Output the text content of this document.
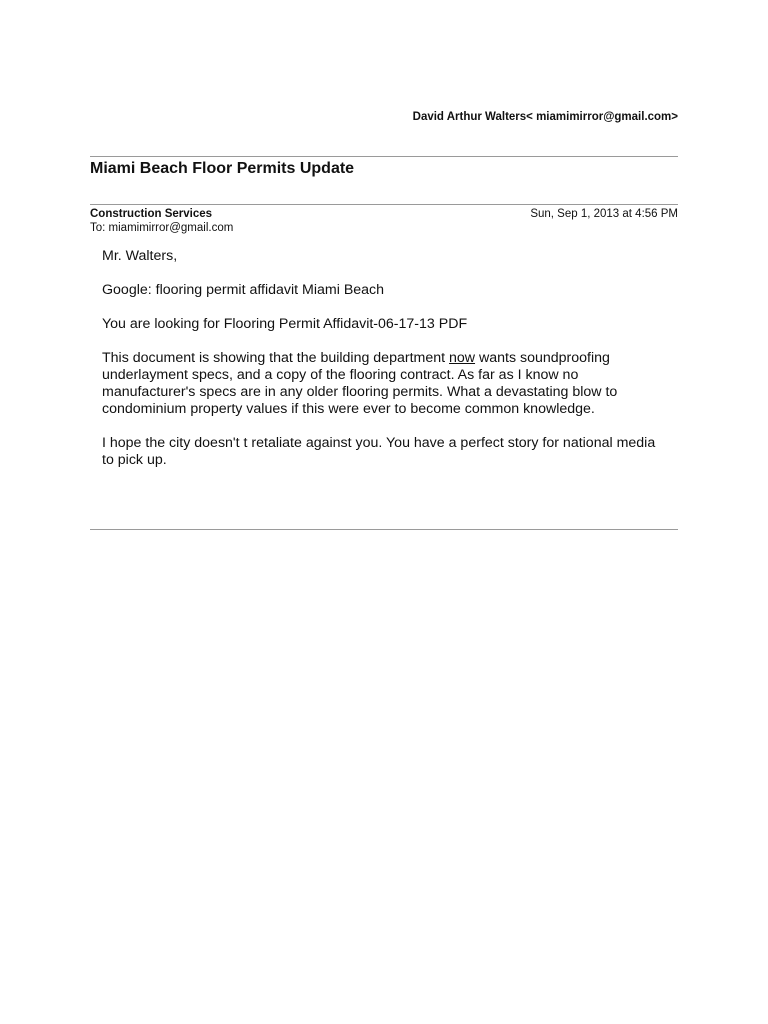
David Arthur Walters< miamimirror@gmail.com>
Miami Beach Floor Permits Update
Construction Services	Sun, Sep 1, 2013 at 4:56 PM
To: miamimirror@gmail.com

Mr. Walters,

Google: flooring permit affidavit Miami Beach

You are looking for Flooring Permit Affidavit-06-17-13 PDF

This document is showing that the building department now wants soundproofing underlayment specs, and a copy of the flooring contract. As far as I know no manufacturer's specs are in any older flooring permits. What a devastating blow to condominium property values if this were ever to become common knowledge.

I hope the city doesn't t retaliate against you. You have a perfect story for national media to pick up.
